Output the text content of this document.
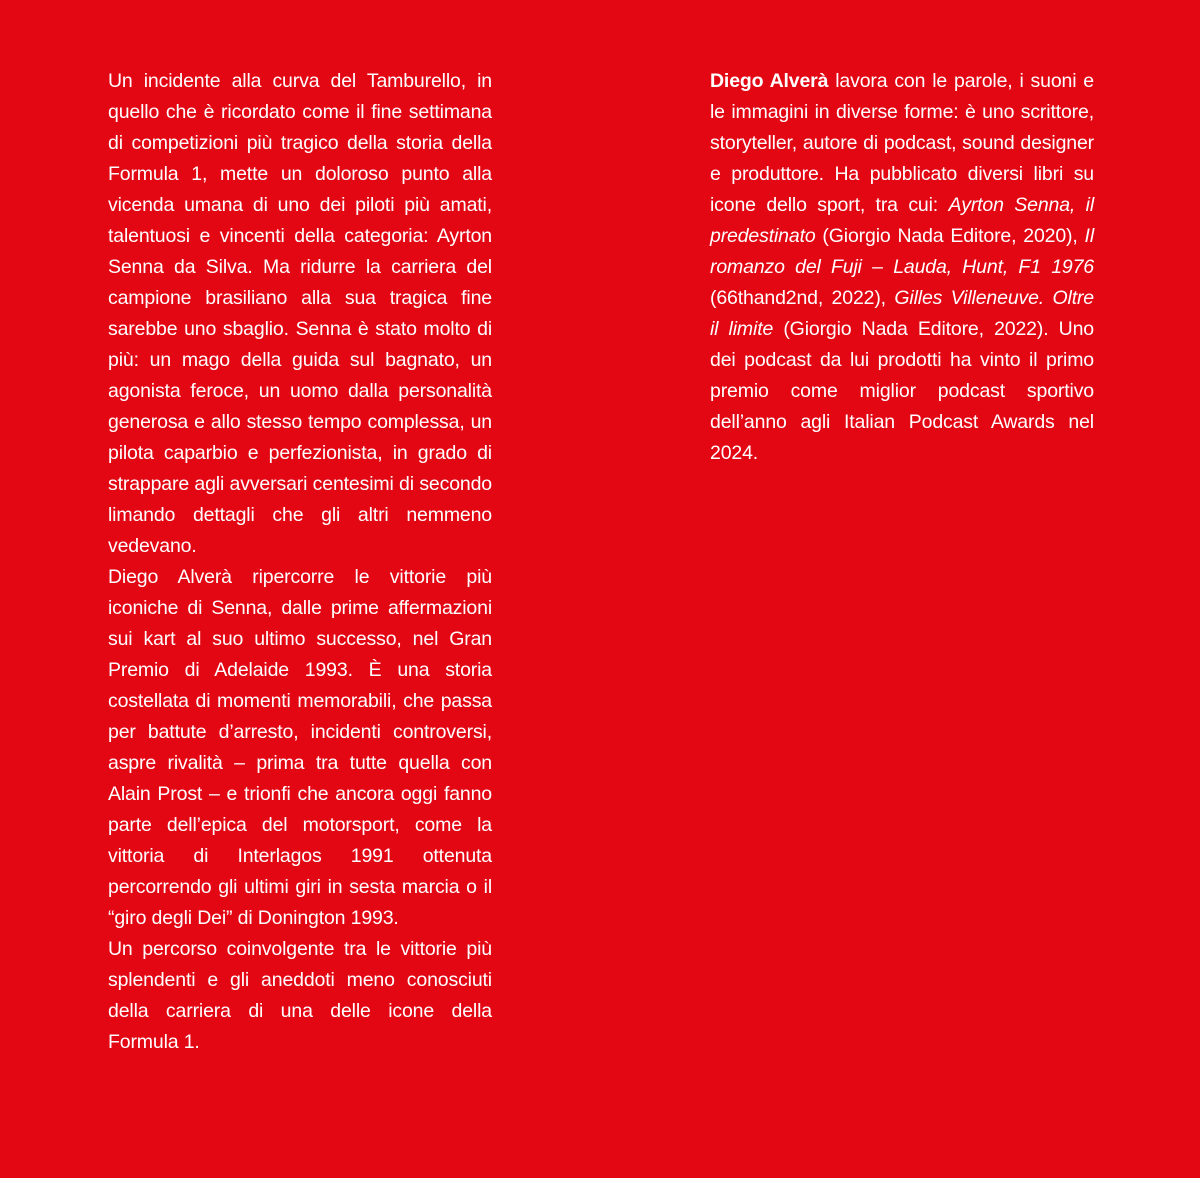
Un incidente alla curva del Tamburello, in quello che è ricordato come il fine settimana di competizioni più tragico della storia della Formula 1, mette un doloroso punto alla vicenda umana di uno dei piloti più amati, talentuosi e vincenti della categoria: Ayrton Senna da Silva. Ma ridurre la carriera del campione brasiliano alla sua tragica fine sarebbe uno sbaglio. Senna è stato molto di più: un mago della guida sul bagnato, un agonista feroce, un uomo dalla personalità generosa e allo stesso tempo complessa, un pilota caparbio e perfezionista, in grado di strappare agli avversari centesimi di secondo limando dettagli che gli altri nemmeno vedevano.

Diego Alverà ripercorre le vittorie più iconiche di Senna, dalle prime affermazioni sui kart al suo ultimo successo, nel Gran Premio di Adelaide 1993. È una storia costellata di momenti memorabili, che passa per battute d’arresto, incidenti controversi, aspre rivalità – prima tra tutte quella con Alain Prost – e trionfi che ancora oggi fanno parte dell’epica del motorsport, come la vittoria di Interlagos 1991 ottenuta percorrendo gli ultimi giri in sesta marcia o il “giro degli Dei” di Donington 1993.

Un percorso coinvolgente tra le vittorie più splendenti e gli aneddoti meno conosciuti della carriera di una delle icone della Formula 1.

Diego Alverà lavora con le parole, i suoni e le immagini in diverse forme: è uno scrittore, storyteller, autore di podcast, sound designer e produttore. Ha pubblicato diversi libri su icone dello sport, tra cui: Ayrton Senna, il predestinato (Giorgio Nada Editore, 2020), Il romanzo del Fuji – Lauda, Hunt, F1 1976 (66thand2nd, 2022), Gilles Villeneuve. Oltre il limite (Giorgio Nada Editore, 2022). Uno dei podcast da lui prodotti ha vinto il primo premio come miglior podcast sportivo dell’anno agli Italian Podcast Awards nel 2024.
